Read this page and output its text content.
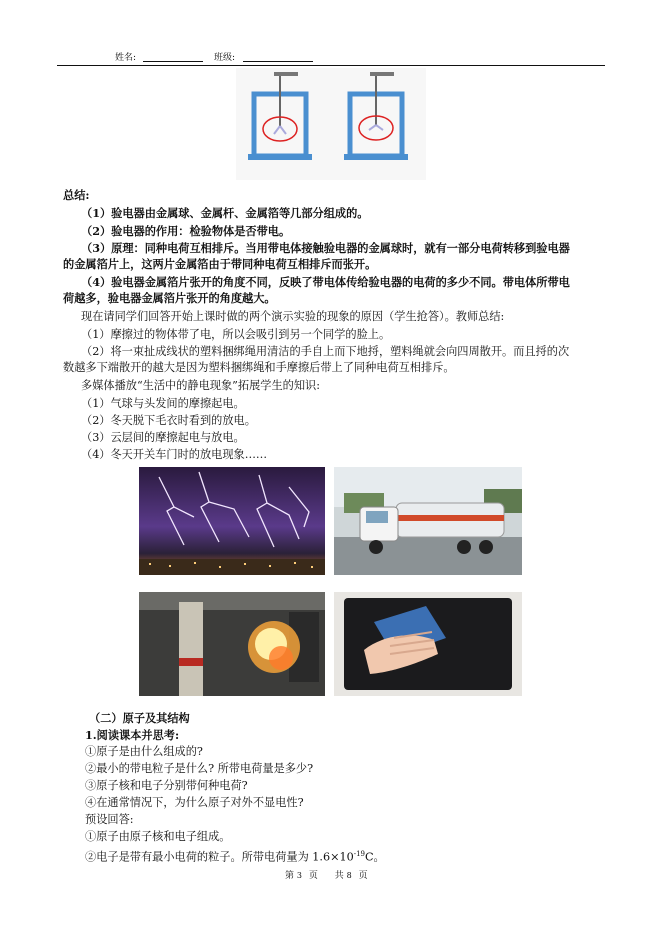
姓名:	班级:
总结:
（1）验电器由金属球、金属杆、金属箔等几部分组成的。
（2）验电器的作用：检验物体是否带电。
（3）原理：同种电荷互相排斥。当用带电体接触验电器的金属球时，就有一部分电荷转移到验电器
的金属箔片上，这两片金属箔由于带同种电荷互相排斥而张开。
（4）验电器金属箔片张开的角度不同，反映了带电体传给验电器的电荷的多少不同。带电体所带电
荷越多，验电器金属箔片张开的角度越大。
现在请同学们回答开始上课时做的两个演示实验的现象的原因（学生抢答）。教师总结:
（1）摩擦过的物体带了电，所以会吸引到另一个同学的脸上。
（2）将一束扯成线状的塑料捆绑绳用清洁的手自上而下地捋，塑料绳就会向四周散开。而且捋的次
数越多下端散开的越大是因为塑料捆绑绳和手摩擦后带上了同种电荷互相排斥。
多媒体播放“生活中的静电现象”拓展学生的知识:
（1）气球与头发间的摩擦起电。
（2）冬天脱下毛衣时看到的放电。
（3）云层间的摩擦起电与放电。
（4）冬天开关车门时的放电现象……
（二）原子及其结构
1.阅读课本并思考:
①原子是由什么组成的?
②最小的带电粒子是什么? 所带电荷量是多少?
③原子核和电子分别带何种电荷?
④在通常情况下，为什么原子对外不显电性?
预设回答:
①原子由原子核和电子组成。
②电子是带有最小电荷的粒子。所带电荷量为 $1.6\times 10^{-19}C$。
第 3 页 共 8 页
